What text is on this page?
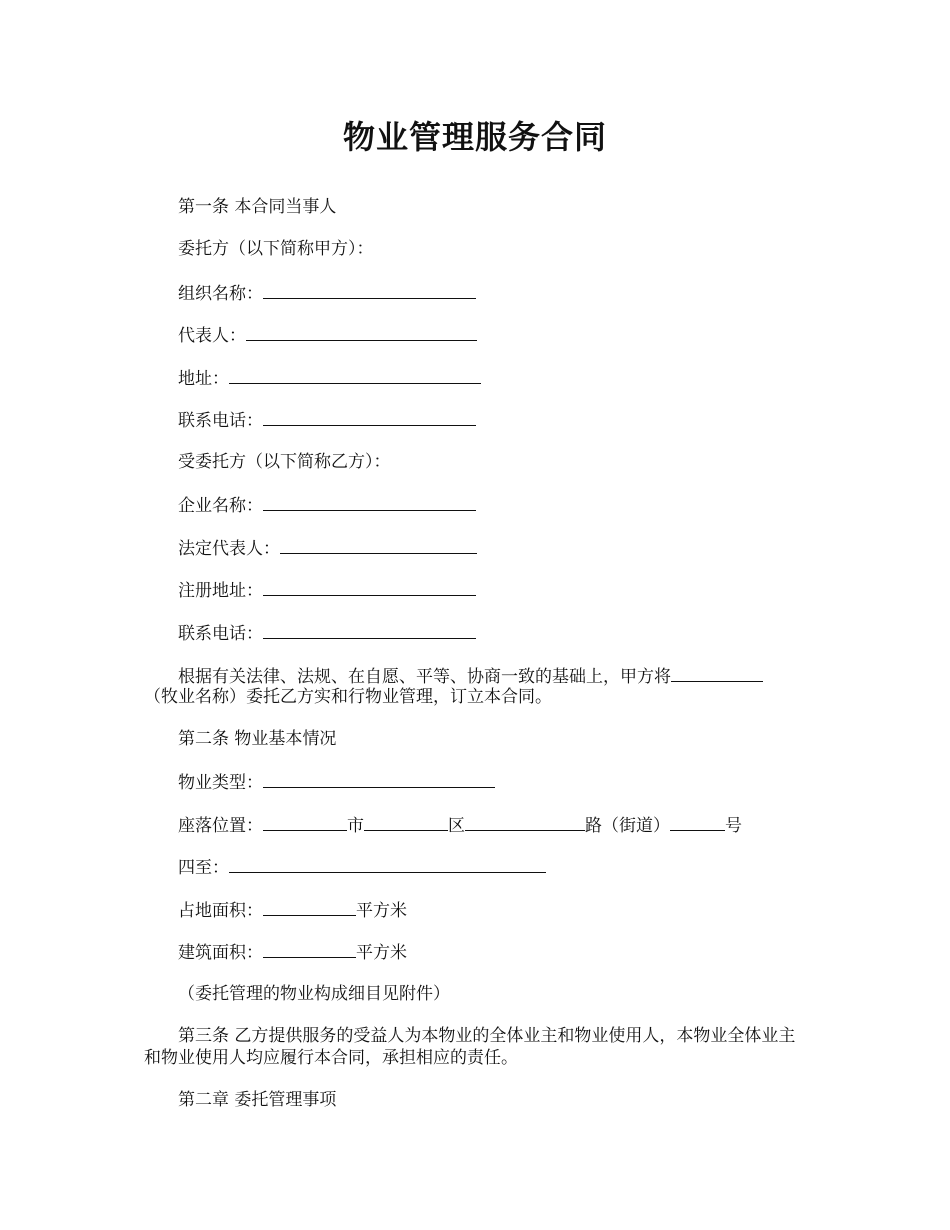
物业管理服务合同
第一条 本合同当事人
委托方（以下简称甲方）：
组织名称：
代表人：
地址：
联系电话：
受委托方（以下简称乙方）：
企业名称：
法定代表人：
注册地址：
联系电话：
根据有关法律、法规、在自愿、平等、协商一致的基础上，甲方将
（牧业名称）委托乙方实和行物业管理，订立本合同。
第二条 物业基本情况
物业类型：
座落位置：	市	区	路（街道）	号
四至：
占地面积：	平方米
建筑面积：	平方米
（委托管理的物业构成细目见附件）
第三条 乙方提供服务的受益人为本物业的全体业主和物业使用人，本物业全体业主和物业使用人均应履行本合同，承担相应的责任。
第二章 委托管理事项
